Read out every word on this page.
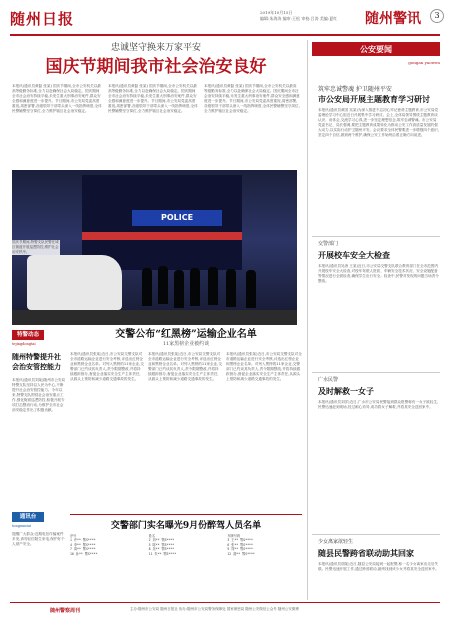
随州日报	2019年10月15日
编辑:朱海涛 编审:王松 审校:吕涛 美编:夏红	随州警讯	3
忠诚坚守换来万家平安
国庆节期间我市社会治安良好
本报讯(通讯员黄磊 张某) 国庆节期间,全市公安机关以最高等级勤务标准,全力以赴确保社会大局稳定。国庆期间全市社会治安持续平稳,未发生重大刑事治安案件,群众安全感和满意度进一步提升。节日期间,市公安局党委高度重视,周密部署,各级领导干部带头深入一线指挥调度,全体民警辅警坚守岗位,全力维护辖区社会治安稳定。
本报讯(通讯员黄磊 张某) 国庆节期间,全市公安机关以最高等级勤务标准,全力以赴确保社会大局稳定。国庆期间全市社会治安持续平稳,未发生重大刑事治安案件,群众安全感和满意度进一步提升。节日期间,市公安局党委高度重视,周密部署,各级领导干部带头深入一线指挥调度,全体民警辅警坚守岗位,全力维护辖区社会治安稳定。
本报讯(通讯员黄磊 张某) 国庆节期间,全市公安机关以最高等级勤务标准,全力以赴确保社会大局稳定。国庆期间全市社会治安持续平稳,未发生重大刑事治安案件,群众安全感和满意度进一步提升。节日期间,市公安局党委高度重视,周密部署,各级领导干部带头深入一线指挥调度,全体民警辅警坚守岗位,全力维护辖区社会治安稳定。
POLICE
国庆节期间,特警支队民警在城区街道开展巡逻防控,维护社会治安秩序。
公安要闻
gongan yaowen
筑牢忠诚警魂 护卫随州平安
市公安局开展主题教育学习研讨
本报讯(通讯员黄国 吴某)为深入推进不忘初心牢记使命主题教育,市公安局党委理论学习中心组近日开展集中学习研讨。会上,全体局领导围绕主题教育谈认识、谈体会,交流学习心得,进一步坚定理想信念,筑牢忠诚警魂。市公安局党委书记、局长强调,要把主题教育成果转化为推动公安工作高质量发展的强大动力,以实际行动护卫随州平安。会议要求全体民警要进一步增强四个意识,坚定四个自信,做到两个维护,确保公安工作始终沿着正确方向前进。
交警部门
开展校车安全大检查
本报讯(通讯员吴涛 王某)近日,市公安局交警支队联合教育部门在全市范围内开展校车安全大检查,对校车驾驶人资质、车辆安全技术状况、安全设施配备等情况进行全面检查,确保学生出行安全。检查中,民警对发现的问题当场责令整改。
广水民警
及时解救一女子
本报讯(通讯员刘洋)近日,广水市公安局民警接到群众报警称有一女子欲轻生,民警迅速赶到现场,经过耐心劝导,成功将女子解救,并将其安全送回家中。
少女离家欲轻生
随县民警跨省联动助其回家
本报讯(通讯员胡某)近日,随县公安局接到一起报警,称一名少女离家出走后失联。民警迅速开展工作,通过跨省联动,最终找到该少女并将其安全送回家中。
特警动态
tejingdongtai
随州特警提升社会治安管控能力
本报讯(通讯员刘某)随州市公安局特警支队坚持以人民为中心,不断提升社会治安管控能力。今年以来,特警支队围绕社会治安重点工作,强化街面巡逻防控,积极开展专项打击整治行动,为维护全市社会治安稳定作出了积极贡献。
交警公布“红黑榜”运输企业名单
11家黑榜企业被约谈
本报讯(通讯员张某)近日,市公安局交警支队对全市道路运输企业进行安全考核,评选出红榜企业和黑榜企业名单。对列入黑榜的11家企业,交警部门已约谈其负责人,责令限期整改,并将持续跟踪督办,督促企业落实安全生产主体责任,从源头上预防和减少道路交通事故的发生。
本报讯(通讯员张某)近日,市公安局交警支队对全市道路运输企业进行安全考核,评选出红榜企业和黑榜企业名单。对列入黑榜的11家企业,交警部门已约谈其负责人,责令限期整改,并将持续跟踪督办,督促企业落实安全生产主体责任,从源头上预防和减少道路交通事故的发生。
本报讯(通讯员张某)近日,市公安局交警支队对全市道路运输企业进行安全考核,评选出红榜企业和黑榜企业名单。对列入黑榜的11家企业,交警部门已约谈其负责人,责令限期整改,并将持续跟踪督办,督促企业落实安全生产主体责任,从源头上预防和减少道路交通事故的发生。
通讯台
tongxuntai
提醒广大群众:近期电信诈骗案件多发,请勿轻信陌生来电,保护好个人财产安全。
交警部门实名曝光9月份醉驾人员名单
序号	姓名	车牌号码
1 许** 鄂S****	2 刘** 鄂S****	3 王** 鄂S****
4 李** 鄂S****	5 陈** 鄂S****	6 张** 鄂S****
7 周** 鄂S****	8 吴** 鄂S****	9 郑** 鄂S****
10 孙** 鄂S****	11 朱** 鄂S****	12 胡** 鄂S****
随州警察周刊	主办:随州市公安局 随州日报社 协办:随州市公安局警务保障处 国家保密局 随州公安微信公众号 随州公安微博
